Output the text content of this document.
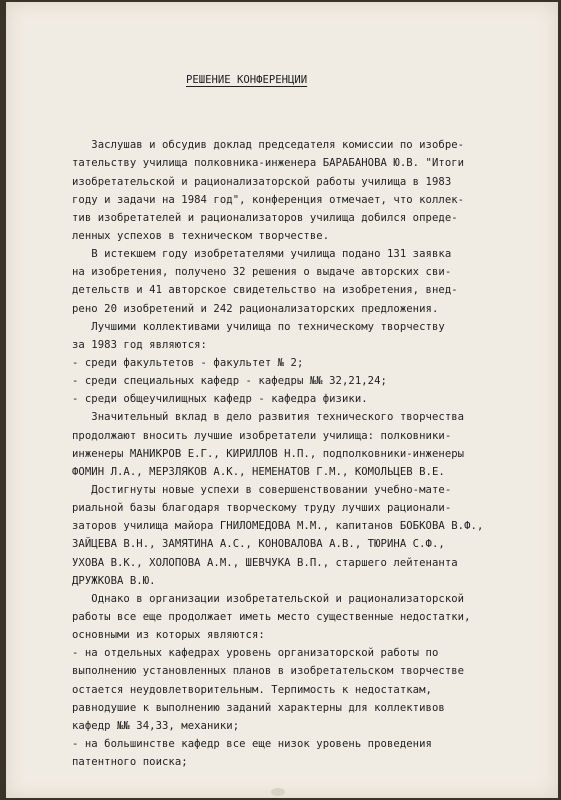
РЕШЕНИЕ КОНФЕРЕНЦИИ

Заслушав и обсудив доклад председателя комиссии по изобре-
тательству училища полковника-инженера БАРАБАНОВА Ю.В. "Итоги
изобретательской и рационализаторской работы училища в 1983
году и задачи на 1984 год", конференция отмечает, что коллек-
тив изобретателей и рационализаторов училища добился опреде-
ленных успехов в техническом творчестве.
В истекшем году изобретателями училища подано 131 заявка
на изобретения, получено 32 решения о выдаче авторских сви-
детельств и 41 авторское свидетельство на изобретения, внед-
рено 20 изобретений и 242 рационализаторских предложения.
Лучшими коллективами училища по техническому творчеству
за 1983 год являются:
- среди факультетов - факультет № 2;
- среди специальных кафедр - кафедры №№ 32,21,24;
- среди общеучилищных кафедр - кафедра физики.
Значительный вклад в дело развития технического творчества
продолжают вносить лучшие изобретатели училища: полковники-
инженеры МАНИКРОВ Е.Г., КИРИЛЛОВ Н.П., подполковники-инженеры
ФОМИН Л.А., МЕРЗЛЯКОВ А.К., НЕМЕНАТОВ Г.М., КОМОЛЬЦЕВ В.Е.
Достигнуты новые успехи в совершенствовании учебно-мате-
риальной базы благодаря творческому труду лучших рационали-
заторов училища майора ГНИЛОМЕДОВА М.М., капитанов БОБКОВА В.Ф.,
ЗАЙЦЕВА В.Н., ЗАМЯТИНА А.С., КОНОВАЛОВА А.В., ТЮРИНА С.Ф.,
УХОВА В.К., ХОЛОПОВА А.М., ШЕВЧУКА В.П., старшего лейтенанта
ДРУЖКОВА В.Ю.
Однако в организации изобретательской и рационализаторской
работы все еще продолжает иметь место существенные недостатки,
основными из которых являются:
- на отдельных кафедрах уровень организаторской работы по
выполнению установленных планов в изобретательском творчестве
остается неудовлетворительным. Терпимость к недостаткам,
равнодушие к выполнению заданий характерны для коллективов
кафедр №№ 34,33, механики;
- на большинстве кафедр все еще низок уровень проведения
патентного поиска;
